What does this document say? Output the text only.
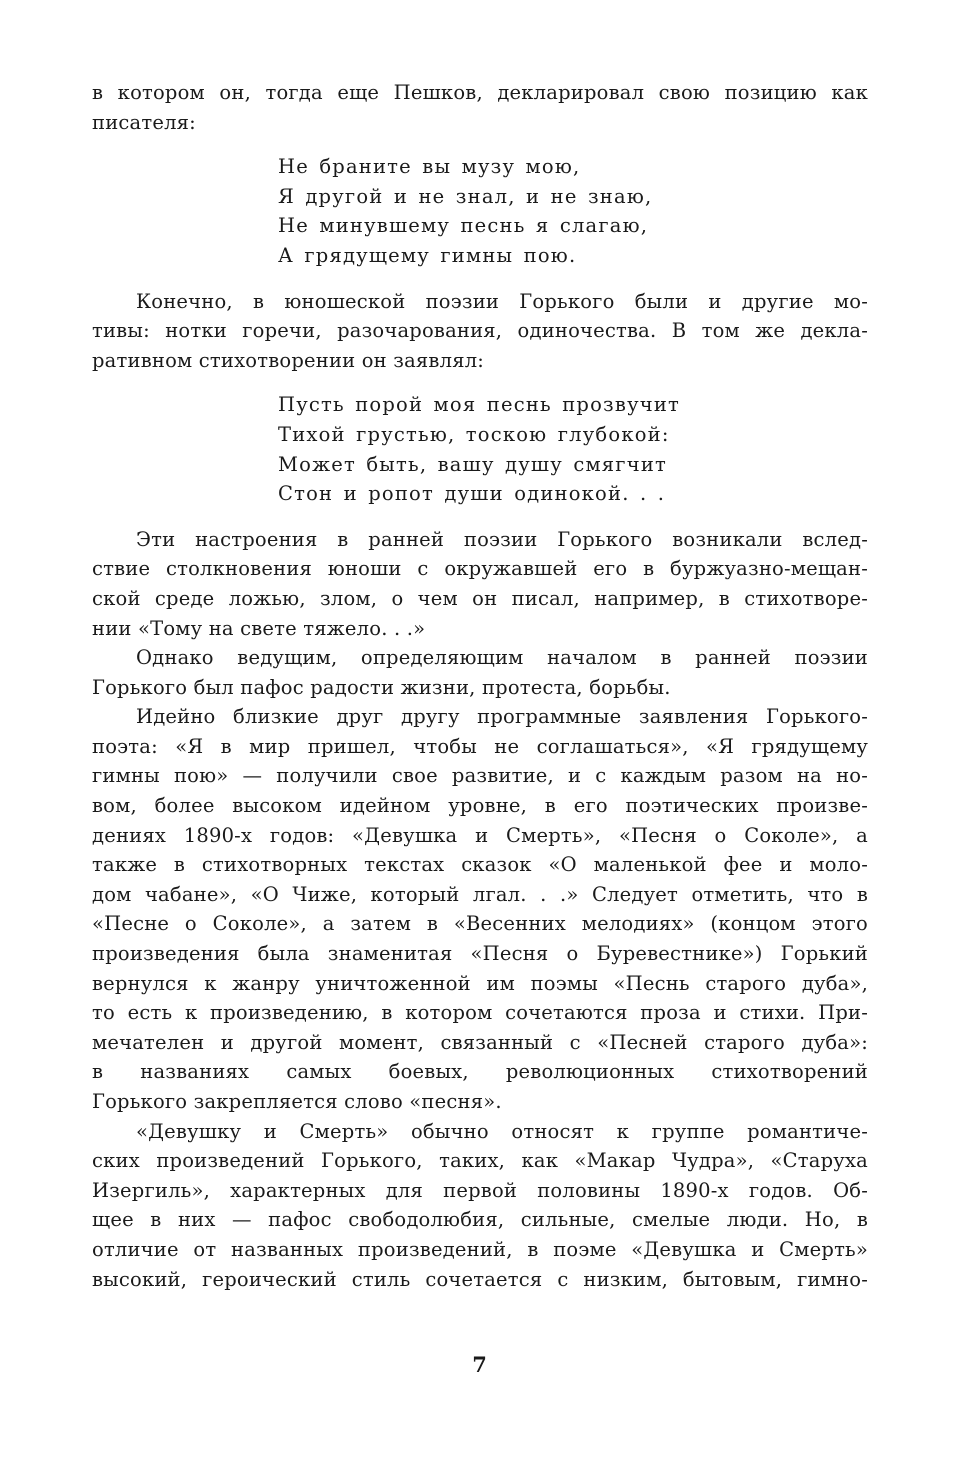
в котором он, тогда еще Пешков, декларировал свою позицию как
писателя:
Не браните вы музу мою,
Я другой и не знал, и не знаю,
Не минувшему песнь я слагаю,
А грядущему гимны пою.
Конечно, в юношеской поэзии Горького были и другие мо-
тивы: нотки горечи, разочарования, одиночества. В том же декла-
ративном стихотворении он заявлял:
Пусть порой моя песнь прозвучит
Тихой грустью, тоскою глубокой:
Может быть, вашу душу смягчит
Стон и ропот души одинокой. . .
Эти настроения в ранней поэзии Горького возникали вслед-
ствие столкновения юноши с окружавшей его в буржуазно-мещан-
ской среде ложью, злом, о чем он писал, например, в стихотворе-
нии «Тому на свете тяжело. . .»
Однако ведущим, определяющим началом в ранней поэзии
Горького был пафос радости жизни, протеста, борьбы.
Идейно близкие друг другу программные заявления Горького-
поэта: «Я в мир пришел, чтобы не соглашаться», «Я грядущему
гимны пою» — получили свое развитие, и с каждым разом на но-
вом, более высоком идейном уровне, в его поэтических произве-
дениях 1890-х годов: «Девушка и Смерть», «Песня о Соколе», а
также в стихотворных текстах сказок «О маленькой фее и моло-
дом чабане», «О Чиже, который лгал. . .» Следует отметить, что в
«Песне о Соколе», а затем в «Весенних мелодиях» (концом этого
произведения была знаменитая «Песня о Буревестнике») Горький
вернулся к жанру уничтоженной им поэмы «Песнь старого дуба»,
то есть к произведению, в котором сочетаются проза и стихи. При-
мечателен и другой момент, связанный с «Песней старого дуба»:
в названиях самых боевых, революционных стихотворений
Горького закрепляется слово «песня».
«Девушку и Смерть» обычно относят к группе романтиче-
ских произведений Горького, таких, как «Макар Чудра», «Старуха
Изергиль», характерных для первой половины 1890-х годов. Об-
щее в них — пафос свободолюбия, сильные, смелые люди. Но, в
отличие от названных произведений, в поэме «Девушка и Смерть»
высокий, героический стиль сочетается с низким, бытовым, гимно-
7
